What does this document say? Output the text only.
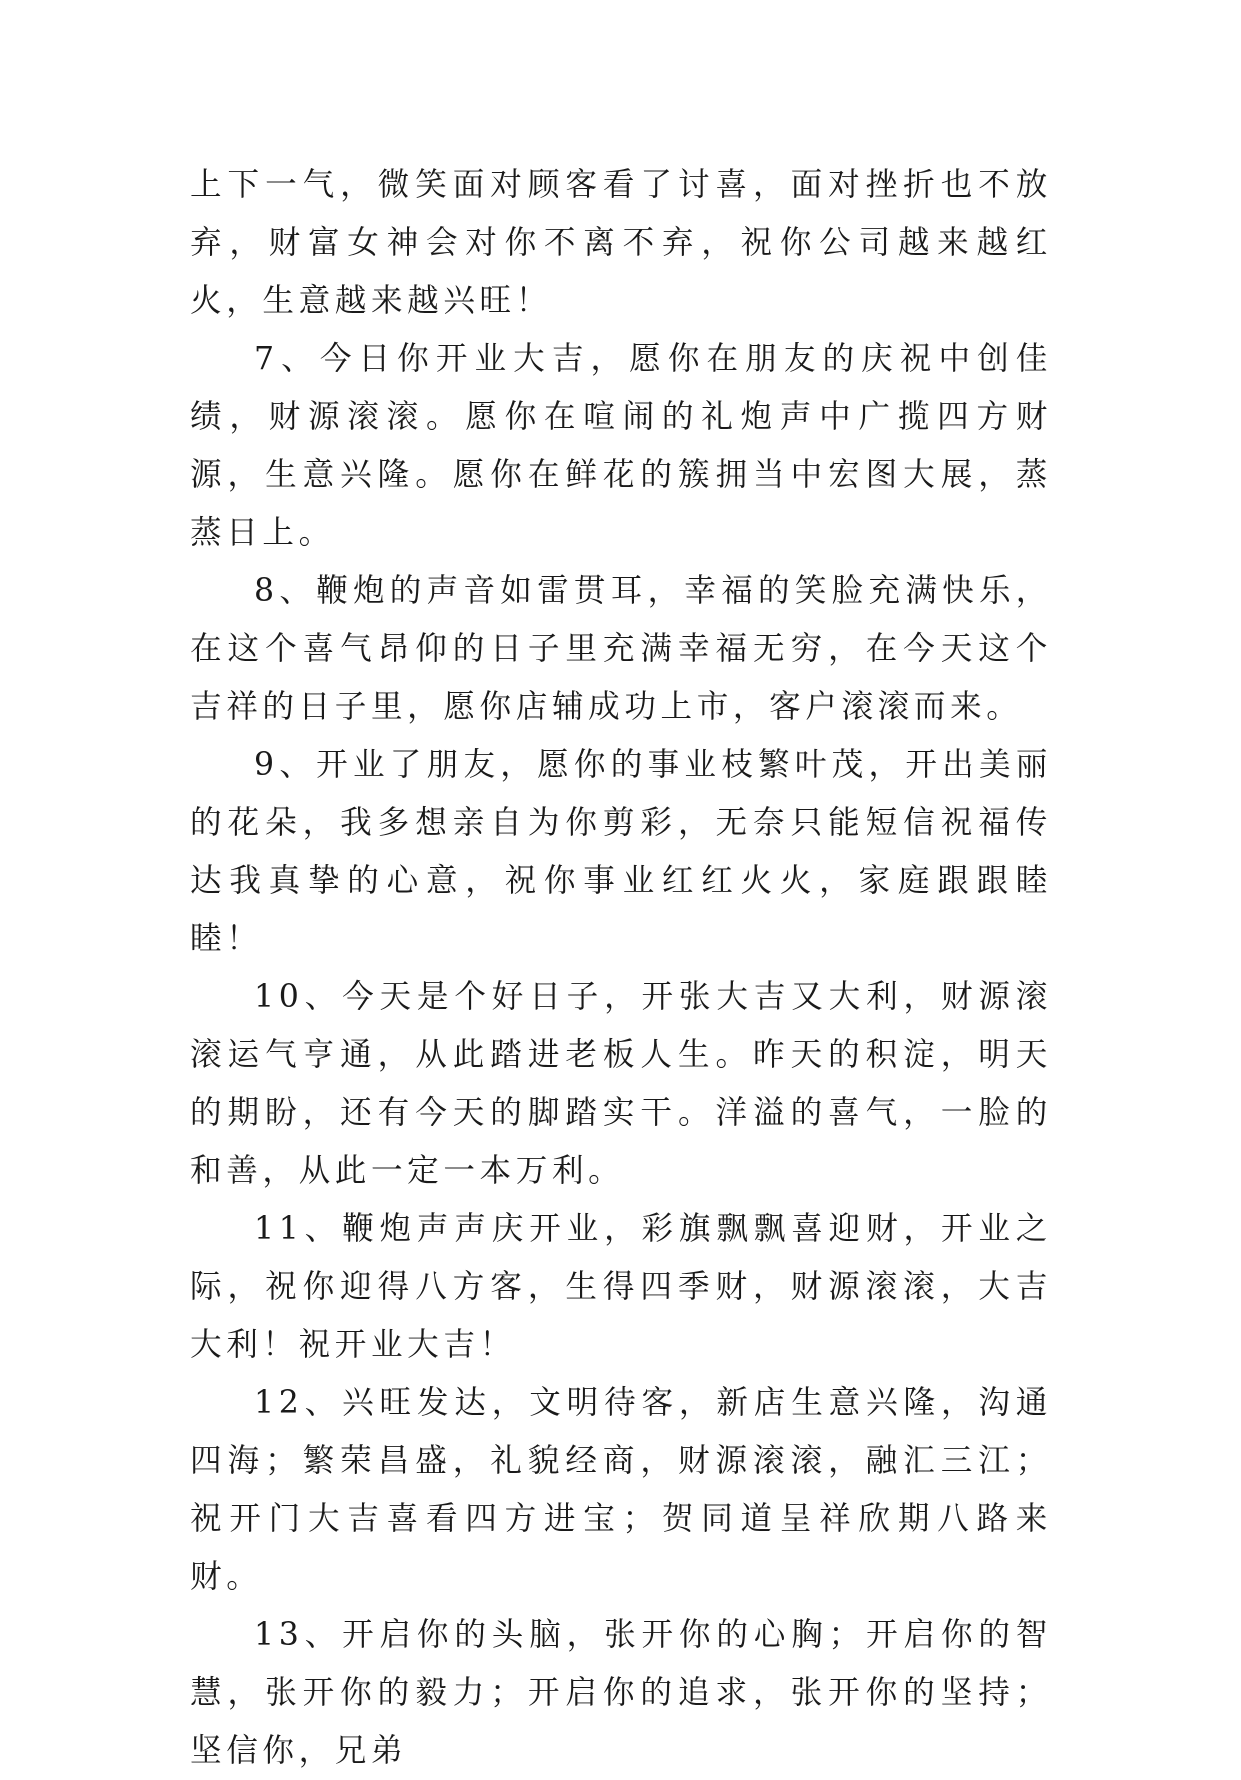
上下一气，微笑面对顾客看了讨喜，面对挫折也不放弃，财富女神会对你不离不弃，祝你公司越来越红火，生意越来越兴旺！

7、今日你开业大吉，愿你在朋友的庆祝中创佳绩，财源滚滚。愿你在喧闹的礼炮声中广揽四方财源，生意兴隆。愿你在鲜花的簇拥当中宏图大展，蒸蒸日上。

8、鞭炮的声音如雷贯耳，幸福的笑脸充满快乐，在这个喜气昂仰的日子里充满幸福无穷，在今天这个吉祥的日子里，愿你店辅成功上市，客户滚滚而来。

9、开业了朋友，愿你的事业枝繁叶茂，开出美丽的花朵，我多想亲自为你剪彩，无奈只能短信祝福传达我真挚的心意，祝你事业红红火火，家庭跟跟睦睦！

10、今天是个好日子，开张大吉又大利，财源滚滚运气亨通，从此踏进老板人生。昨天的积淀，明天的期盼，还有今天的脚踏实干。洋溢的喜气，一脸的和善，从此一定一本万利。

11、鞭炮声声庆开业，彩旗飘飘喜迎财，开业之际，祝你迎得八方客，生得四季财，财源滚滚，大吉大利！祝开业大吉！

12、兴旺发达，文明待客，新店生意兴隆，沟通四海；繁荣昌盛，礼貌经商，财源滚滚，融汇三江；祝开门大吉喜看四方进宝；贺同道呈祥欣期八路来财。

13、开启你的头脑，张开你的心胸；开启你的智慧，张开你的毅力；开启你的追求，张开你的坚持；坚信你，兄弟
